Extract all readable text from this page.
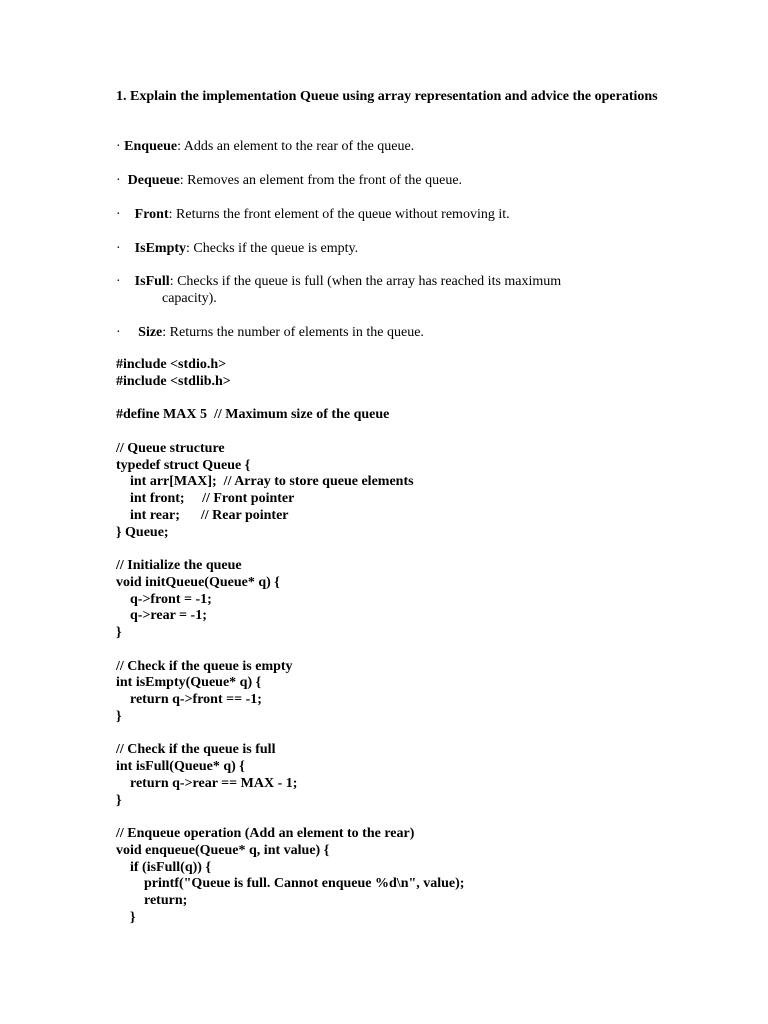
1. Explain the implementation Queue using array representation and advice the operations
· Enqueue: Adds an element to the rear of the queue.
·  Dequeue: Removes an element from the front of the queue.
·    Front: Returns the front element of the queue without removing it.
·    IsEmpty: Checks if the queue is empty.
·    IsFull: Checks if the queue is full (when the array has reached its maximum
capacity).
·     Size: Returns the number of elements in the queue.
#include <stdio.h>
#include <stdlib.h>
#define MAX 5  // Maximum size of the queue
// Queue structure
typedef struct Queue {
int arr[MAX];  // Array to store queue elements
int front;     // Front pointer
int rear;      // Rear pointer
} Queue;
// Initialize the queue
void initQueue(Queue* q) {
q->front = -1;
q->rear = -1;
}
// Check if the queue is empty
int isEmpty(Queue* q) {
return q->front == -1;
}
// Check if the queue is full
int isFull(Queue* q) {
return q->rear == MAX - 1;
}
// Enqueue operation (Add an element to the rear)
void enqueue(Queue* q, int value) {
if (isFull(q)) {
printf("Queue is full. Cannot enqueue %d\n", value);
return;
}
